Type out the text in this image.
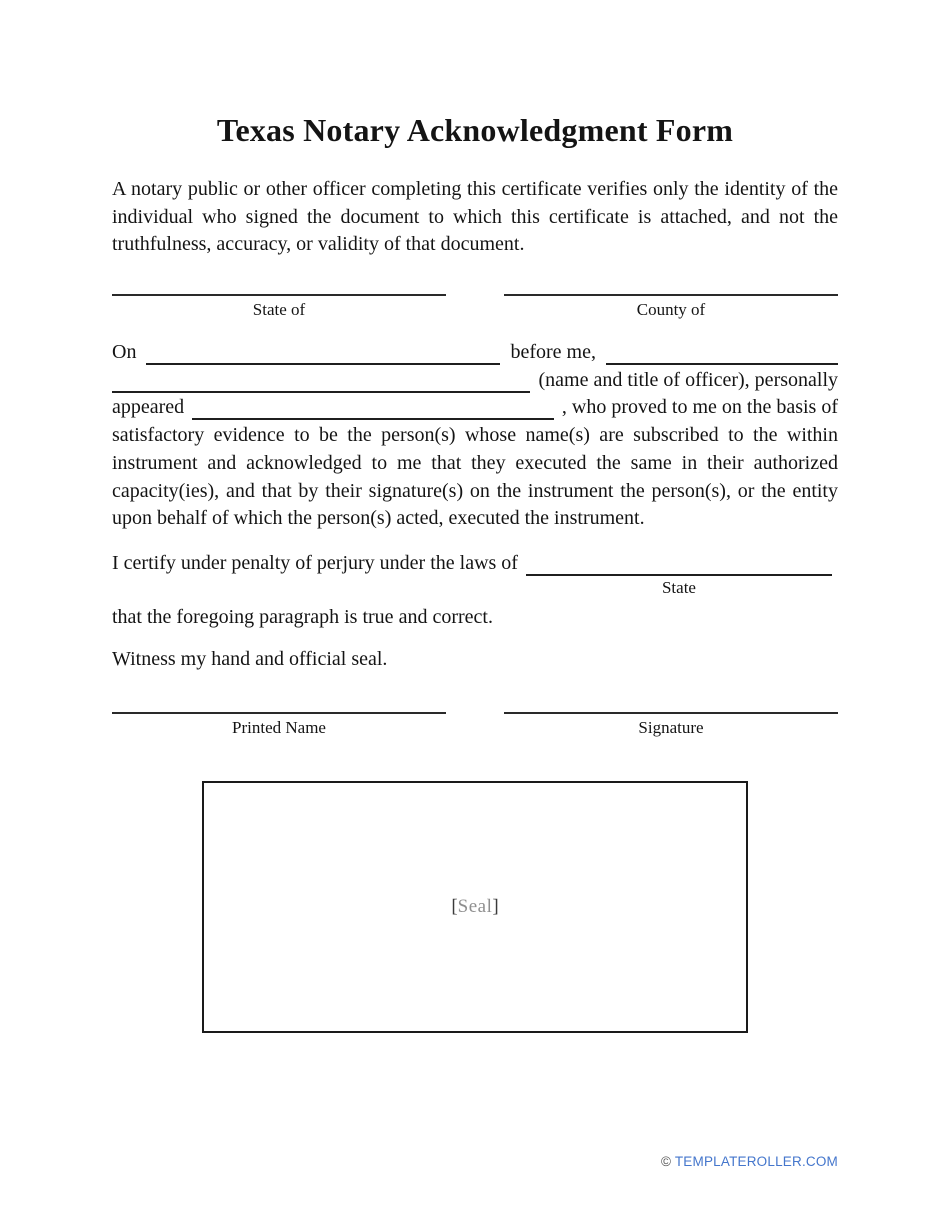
Texas Notary Acknowledgment Form
A notary public or other officer completing this certificate verifies only the identity of the
individual who signed the document to which this certificate is attached, and not the
truthfulness, accuracy, or validity of that document.
State of	County of
On	before me,
(name and title of officer), personally
appeared	, who proved to me on the basis of
satisfactory evidence to be the person(s) whose name(s) are subscribed to the within
instrument and acknowledged to me that they executed the same in their authorized
capacity(ies), and that by their signature(s) on the instrument the person(s), or the entity
upon behalf of which the person(s) acted, executed the instrument.
I certify under penalty of perjury under the laws of
State
that the foregoing paragraph is true and correct.
Witness my hand and official seal.
Printed Name	Signature
[Seal]
© TEMPLATEROLLER.COM
